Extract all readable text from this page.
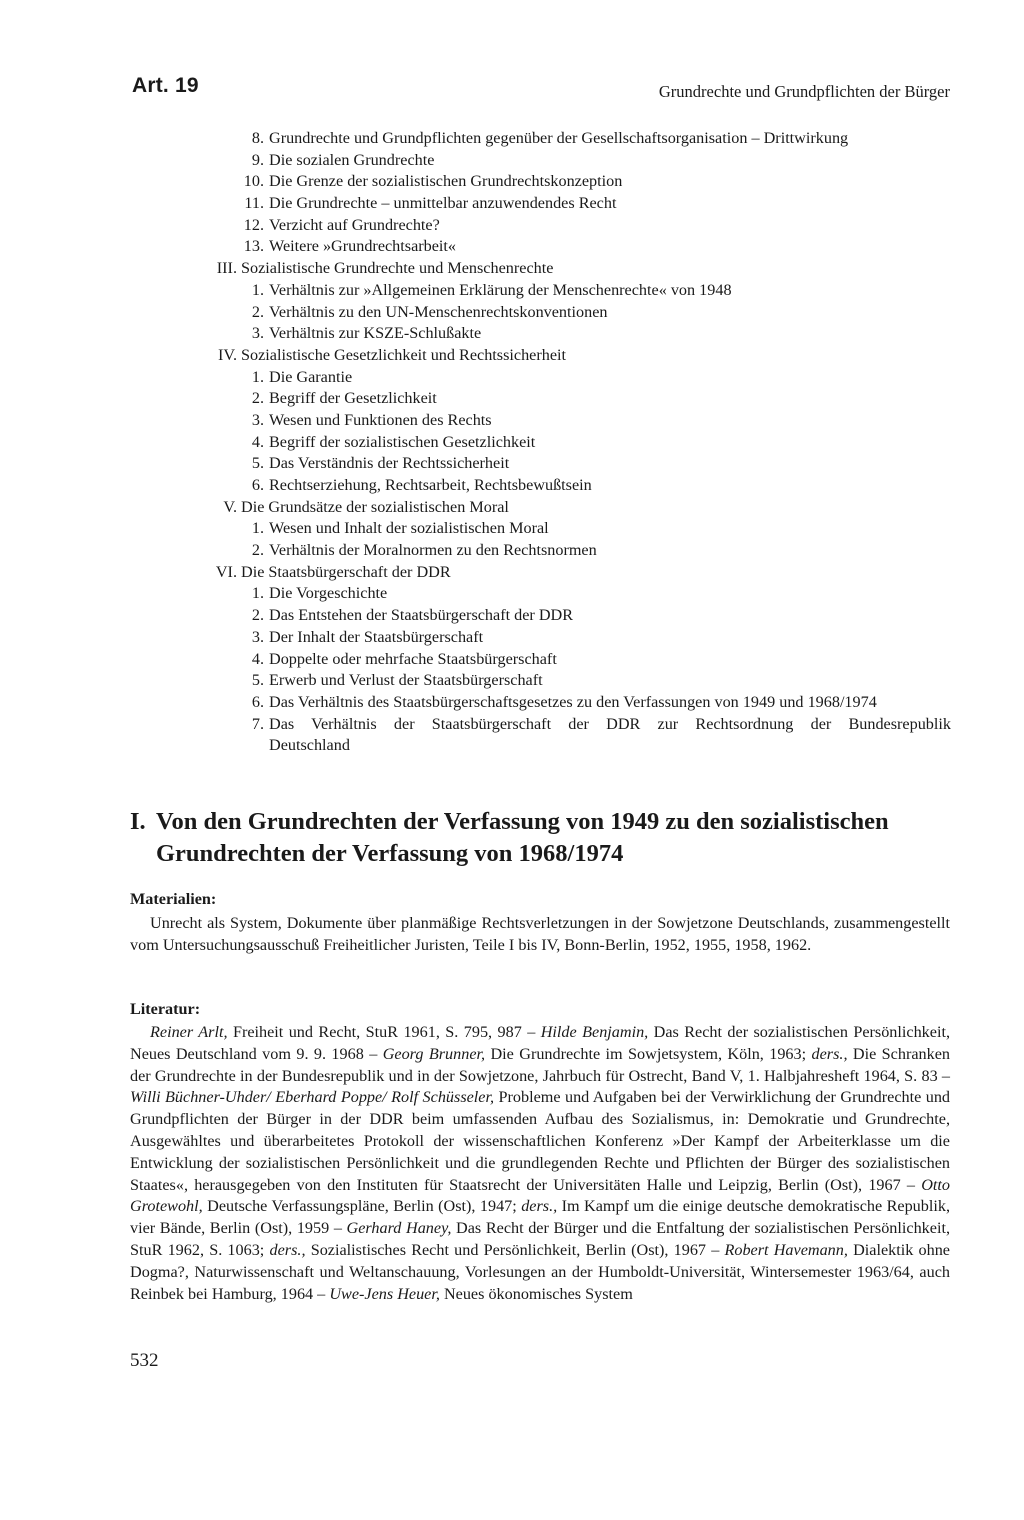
Art. 19	Grundrechte und Grundpflichten der Bürger
8. Grundrechte und Grundpflichten gegenüber der Gesellschaftsorganisation – Drittwirkung
9. Die sozialen Grundrechte
10. Die Grenze der sozialistischen Grundrechtskonzeption
11. Die Grundrechte – unmittelbar anzuwendendes Recht
12. Verzicht auf Grundrechte?
13. Weitere »Grundrechtsarbeit«
III. Sozialistische Grundrechte und Menschenrechte
1. Verhältnis zur »Allgemeinen Erklärung der Menschenrechte« von 1948
2. Verhältnis zu den UN-Menschenrechtskonventionen
3. Verhältnis zur KSZE-Schlußakte
IV. Sozialistische Gesetzlichkeit und Rechtssicherheit
1. Die Garantie
2. Begriff der Gesetzlichkeit
3. Wesen und Funktionen des Rechts
4. Begriff der sozialistischen Gesetzlichkeit
5. Das Verständnis der Rechtssicherheit
6. Rechtserziehung, Rechtsarbeit, Rechtsbewußtsein
V. Die Grundsätze der sozialistischen Moral
1. Wesen und Inhalt der sozialistischen Moral
2. Verhältnis der Moralnormen zu den Rechtsnormen
VI. Die Staatsbürgerschaft der DDR
1. Die Vorgeschichte
2. Das Entstehen der Staatsbürgerschaft der DDR
3. Der Inhalt der Staatsbürgerschaft
4. Doppelte oder mehrfache Staatsbürgerschaft
5. Erwerb und Verlust der Staatsbürgerschaft
6. Das Verhältnis des Staatsbürgerschaftsgesetzes zu den Verfassungen von 1949 und 1968/1974
7. Das Verhältnis der Staatsbürgerschaft der DDR zur Rechtsordnung der Bundesrepublik
Deutschland
I. Von den Grundrechten der Verfassung von 1949 zu den sozialistischen
Grundrechten der Verfassung von 1968/1974
Materialien:
Unrecht als System, Dokumente über planmäßige Rechtsverletzungen in der Sowjetzone Deutschlands, zusammengestellt vom Untersuchungsausschuß Freiheitlicher Juristen, Teile I bis IV, Bonn-Berlin, 1952, 1955, 1958, 1962.
Literatur:
Reiner Arlt, Freiheit und Recht, StuR 1961, S. 795, 987 – Hilde Benjamin, Das Recht der sozialistischen Persönlichkeit, Neues Deutschland vom 9. 9. 1968 – Georg Brunner, Die Grundrechte im Sowjetsystem, Köln, 1963; ders., Die Schranken der Grundrechte in der Bundesrepublik und in der Sowjetzone, Jahrbuch für Ostrecht, Band V, 1. Halbjahresheft 1964, S. 83 – Willi Büchner-Uhder/ Eberhard Poppe/ Rolf Schüsseler, Probleme und Aufgaben bei der Verwirklichung der Grundrechte und Grundpflichten der Bürger in der DDR beim umfassenden Aufbau des Sozialismus, in: Demokratie und Grundrechte, Ausgewähltes und überarbeitetes Protokoll der wissenschaftlichen Konferenz »Der Kampf der Arbeiterklasse um die Entwicklung der sozialistischen Persönlichkeit und die grundlegenden Rechte und Pflichten der Bürger des sozialistischen Staates«, herausgegeben von den Instituten für Staatsrecht der Universitäten Halle und Leipzig, Berlin (Ost), 1967 – Otto Grotewohl, Deutsche Verfassungspläne, Berlin (Ost), 1947; ders., Im Kampf um die einige deutsche demokratische Republik, vier Bände, Berlin (Ost), 1959 – Gerhard Haney, Das Recht der Bürger und die Entfaltung der sozialistischen Persönlichkeit, StuR 1962, S. 1063; ders., Sozialistisches Recht und Persönlichkeit, Berlin (Ost), 1967 – Robert Havemann, Dialektik ohne Dogma?, Naturwissenschaft und Weltanschauung, Vorlesungen an der Humboldt-Universität, Wintersemester 1963/64, auch Reinbek bei Hamburg, 1964 – Uwe-Jens Heuer, Neues ökonomisches System
532
